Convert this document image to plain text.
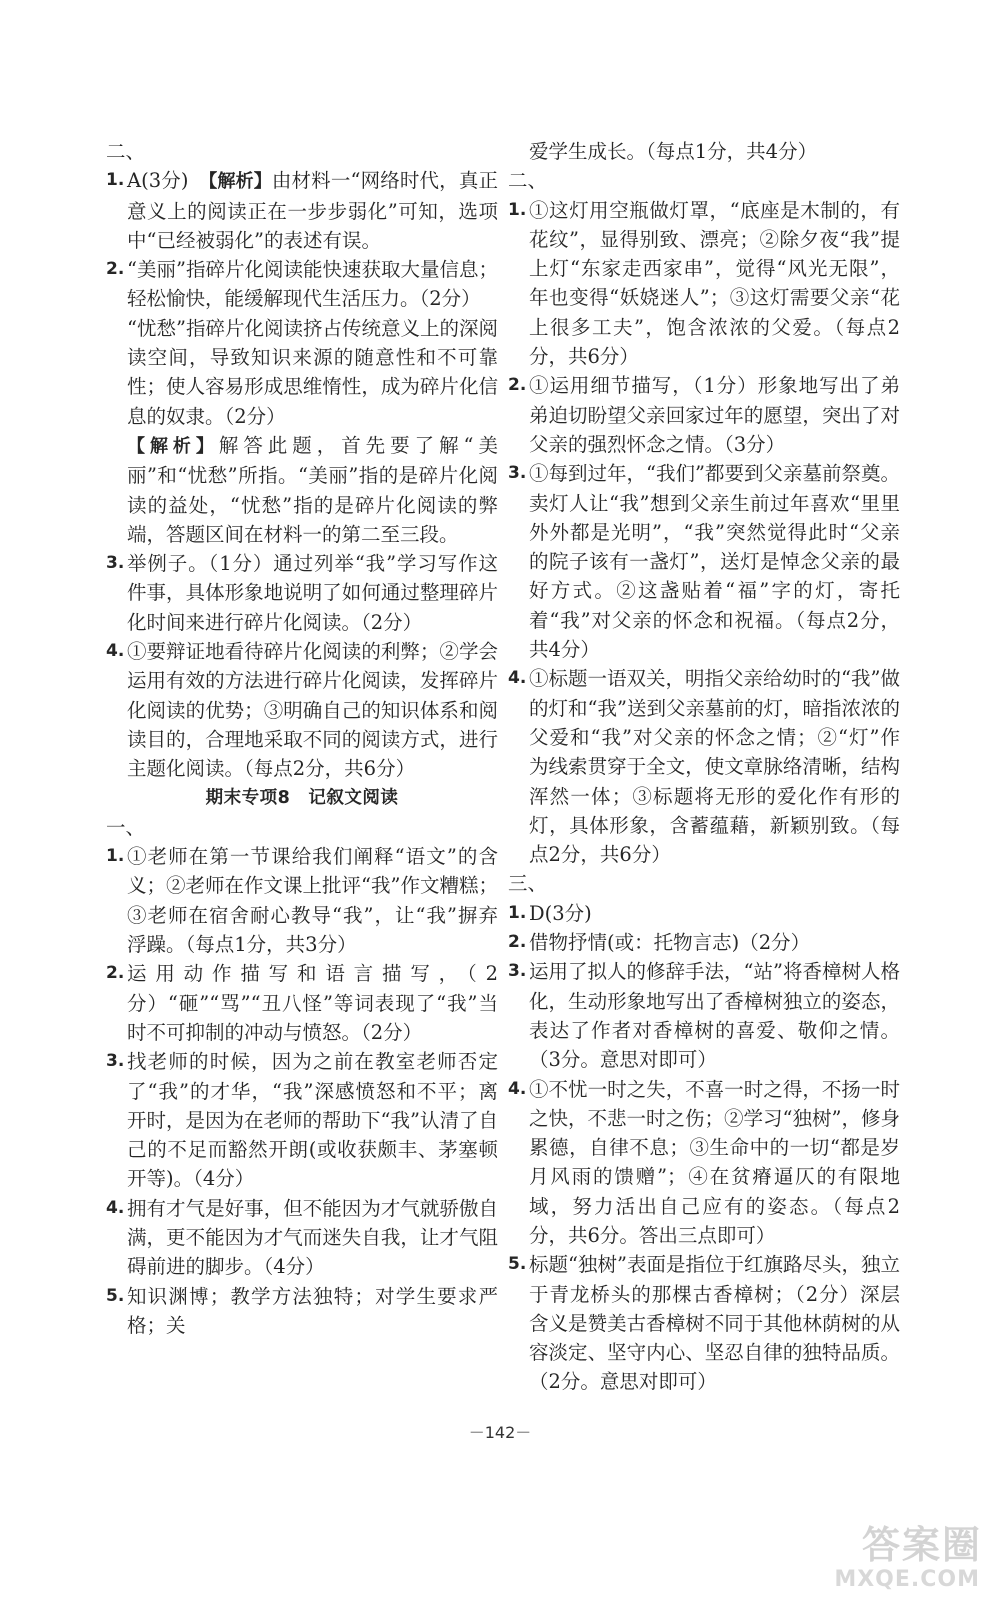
二、

1. A(3分)　【解析】由材料一“网络时代，真正意义上的阅读正在一步步弱化”可知，选项中“已经被弱化”的表述有误。
2. “美丽”指碎片化阅读能快速获取大量信息；轻松愉快，能缓解现代生活压力。（2分）

“忧愁”指碎片化阅读挤占传统意义上的深阅读空间，导致知识来源的随意性和不可靠性；使人容易形成思维惰性，成为碎片化信息的奴隶。（2分）

【解析】解答此题，首先要了解“美丽”和“忧愁”所指。“美丽”指的是碎片化阅读的益处，“忧愁”指的是碎片化阅读的弊端，答题区间在材料一的第二至三段。

3. 举例子。（1分）通过列举“我”学习写作这件事，具体形象地说明了如何通过整理碎片化时间来进行碎片化阅读。（2分）
4. ①要辩证地看待碎片化阅读的利弊；②学会运用有效的方法进行碎片化阅读，发挥碎片化阅读的优势；③明确自己的知识体系和阅读目的，合理地采取不同的阅读方式，进行主题化阅读。（每点2分，共6分）

期末专项8　记叙文阅读

一、

1. ①老师在第一节课给我们阐释“语文”的含义；②老师在作文课上批评“我”作文糟糕；③老师在宿舍耐心教导“我”，让“我”摒弃浮躁。（每点1分，共3分）
2. 运用动作描写和语言描写，（2分）“砸”“骂”“丑八怪”等词表现了“我”当时不可抑制的冲动与愤怒。（2分）
3. 找老师的时候，因为之前在教室老师否定了“我”的才华，“我”深感愤怒和不平；离开时，是因为在老师的帮助下“我”认清了自己的不足而豁然开朗(或收获颇丰、茅塞顿开等)。（4分）
4. 拥有才气是好事，但不能因为才气就骄傲自满，更不能因为才气而迷失自我，让才气阻碍前进的脚步。（4分）
5. 知识渊博；教学方法独特；对学生要求严格；关

爱学生成长。（每点1分，共4分）

二、

1. ①这灯用空瓶做灯罩，“底座是木制的，有花纹”，显得别致、漂亮；②除夕夜“我”提上灯“东家走西家串”，觉得“风光无限”，年也变得“妖娆迷人”；③这灯需要父亲“花上很多工夫”，饱含浓浓的父爱。（每点2分，共6分）
2. ①运用细节描写，（1分）形象地写出了弟弟迫切盼望父亲回家过年的愿望，突出了对父亲的强烈怀念之情。（3分）
3. ①每到过年，“我们”都要到父亲墓前祭奠。卖灯人让“我”想到父亲生前过年喜欢“里里外外都是光明”，“我”突然觉得此时“父亲的院子该有一盏灯”，送灯是悼念父亲的最好方式。②这盏贴着“福”字的灯，寄托着“我”对父亲的怀念和祝福。（每点2分，共4分）
4. ①标题一语双关，明指父亲给幼时的“我”做的灯和“我”送到父亲墓前的灯，暗指浓浓的父爱和“我”对父亲的怀念之情；②“灯”作为线索贯穿于全文，使文章脉络清晰，结构浑然一体；③标题将无形的爱化作有形的灯，具体形象，含蓄蕴藉，新颖别致。（每点2分，共6分）

三、

1. D(3分)
2. 借物抒情(或：托物言志)（2分）
3. 运用了拟人的修辞手法，“站”将香樟树人格化，生动形象地写出了香樟树独立的姿态，表达了作者对香樟树的喜爱、敬仰之情。（3分。意思对即可）
4. ①不忧一时之失，不喜一时之得，不扬一时之快，不悲一时之伤；②学习“独树”，修身累德，自律不息；③生命中的一切“都是岁月风雨的馈赠”；④在贫瘠逼仄的有限地域，努力活出自己应有的姿态。（每点2分，共6分。答出三点即可）
5. 标题“独树”表面是指位于红旗路尽头，独立于青龙桥头的那棵古香樟树；（2分）深层含义是赞美古香樟树不同于其他林荫树的从容淡定、坚守内心、坚忍自律的独特品质。（2分。意思对即可）
－142－
答案圈
MXQE.COM
